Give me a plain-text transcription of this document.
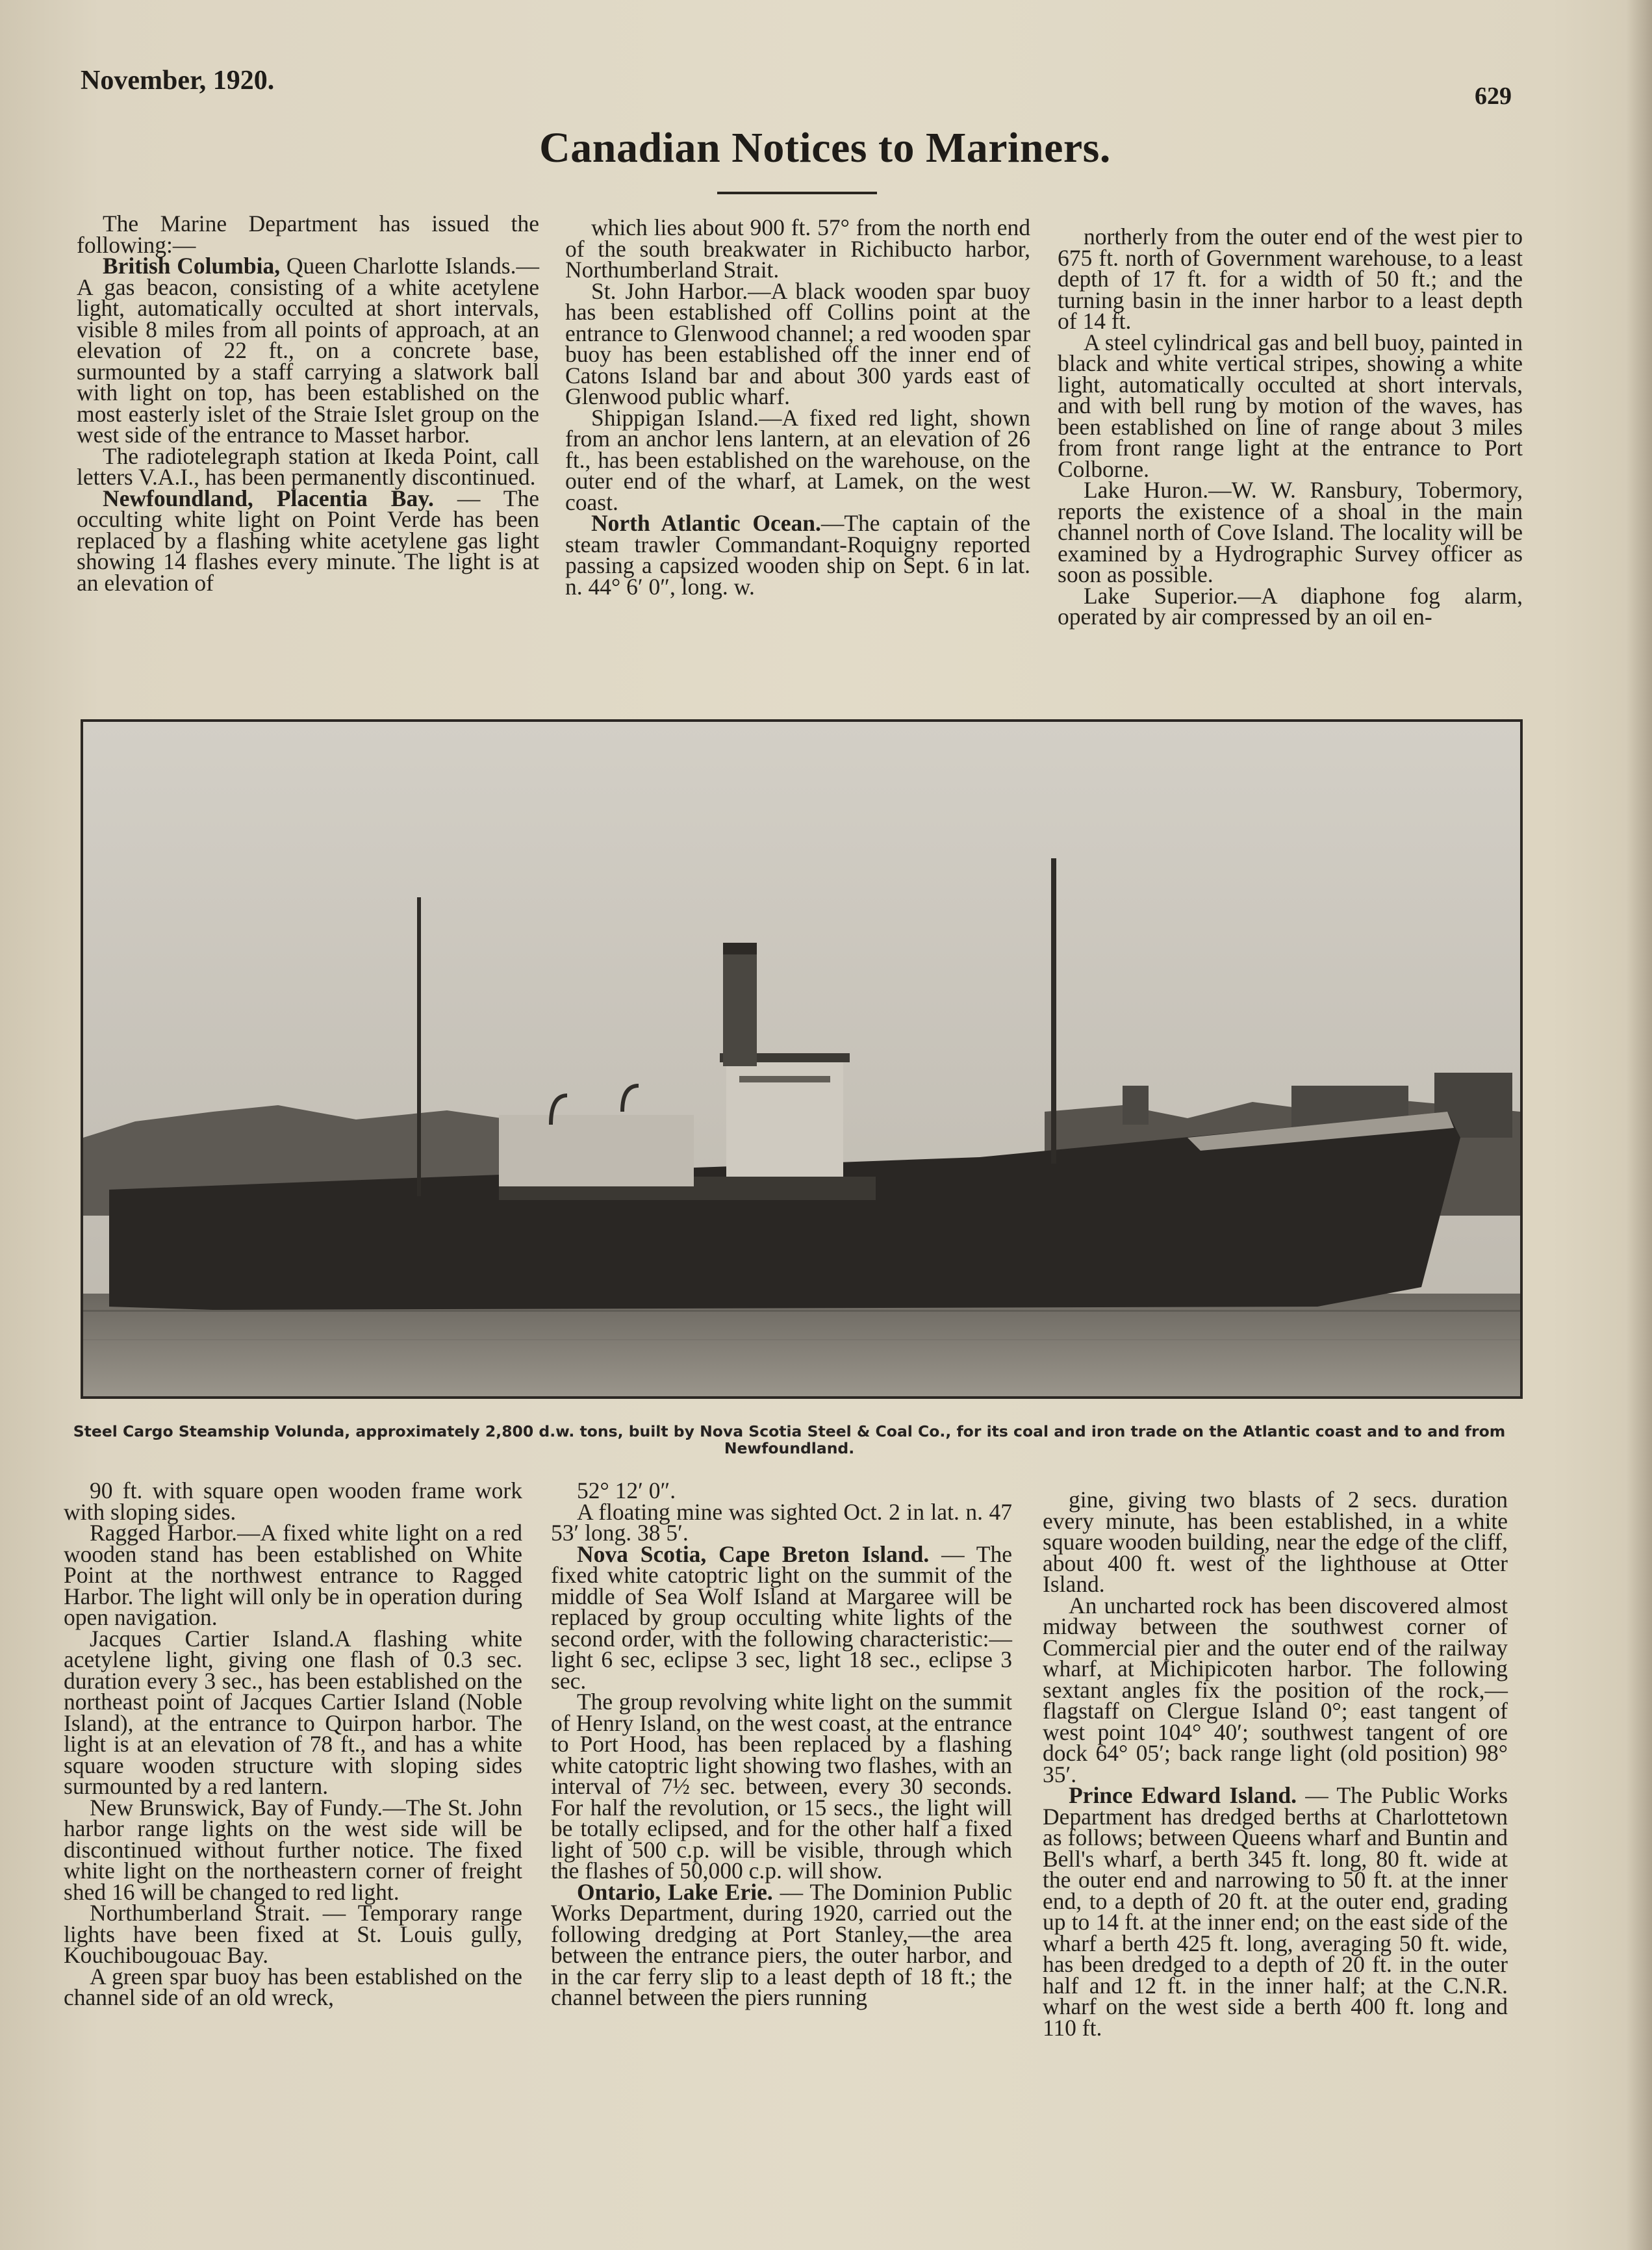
November, 1920.
629
Canadian Notices to Mariners.

The Marine Department has issued the following:—

British Columbia, Queen Charlotte Islands.—A gas beacon, consisting of a white acetylene light, automatically occulted at short intervals, visible 8 miles from all points of approach, at an elevation of 22 ft., on a concrete base, surmounted by a staff carrying a slatwork ball with light on top, has been established on the most easterly islet of the Straie Islet group on the west side of the entrance to Masset harbor.

The radiotelegraph station at Ikeda Point, call letters V.A.I., has been permanently discontinued.

Newfoundland, Placentia Bay. — The occulting white light on Point Verde has been replaced by a flashing white acetylene gas light showing 14 flashes every minute. The light is at an elevation of

which lies about 900 ft. 57° from the north end of the south breakwater in Richibucto harbor, Northumberland Strait.

St. John Harbor.—A black wooden spar buoy has been established off Collins point at the entrance to Glenwood channel; a red wooden spar buoy has been established off the inner end of Catons Island bar and about 300 yards east of Glenwood public wharf.

Shippigan Island.—A fixed red light, shown from an anchor lens lantern, at an elevation of 26 ft., has been established on the warehouse, on the outer end of the wharf, at Lamek, on the west coast.

North Atlantic Ocean.—The captain of the steam trawler Commandant-Roquigny reported passing a capsized wooden ship on Sept. 6 in lat. n. 44° 6′ 0″, long. w.

northerly from the outer end of the west pier to 675 ft. north of Government warehouse, to a least depth of 17 ft. for a width of 50 ft.; and the turning basin in the inner harbor to a least depth of 14 ft.

A steel cylindrical gas and bell buoy, painted in black and white vertical stripes, showing a white light, automatically occulted at short intervals, and with bell rung by motion of the waves, has been established on line of range about 3 miles from front range light at the entrance to Port Colborne.

Lake Huron.—W. W. Ransbury, Tobermory, reports the existence of a shoal in the main channel north of Cove Island. The locality will be examined by a Hydrographic Survey officer as soon as possible.

Lake Superior.—A diaphone fog alarm, operated by air compressed by an oil en-

Steel Cargo Steamship Volunda, approximately 2,800 d.w. tons, built by Nova Scotia Steel & Coal Co., for its coal and iron trade on the Atlantic coast and to and from Newfoundland.

90 ft. with square open wooden frame work with sloping sides.

Ragged Harbor.—A fixed white light on a red wooden stand has been established on White Point at the northwest entrance to Ragged Harbor. The light will only be in operation during open navigation.

Jacques Cartier Island.A flashing white acetylene light, giving one flash of 0.3 sec. duration every 3 sec., has been established on the northeast point of Jacques Cartier Island (Noble Island), at the entrance to Quirpon harbor. The light is at an elevation of 78 ft., and has a white square wooden structure with sloping sides surmounted by a red lantern.

New Brunswick, Bay of Fundy.—The St. John harbor range lights on the west side will be discontinued without further notice. The fixed white light on the northeastern corner of freight shed 16 will be changed to red light.

Northumberland Strait. — Temporary range lights have been fixed at St. Louis gully, Kouchibougouac Bay.

A green spar buoy has been established on the channel side of an old wreck,

52° 12′ 0″.

A floating mine was sighted Oct. 2 in lat. n. 47 53′ long. 38 5′.

Nova Scotia, Cape Breton Island. — The fixed white catoptric light on the summit of the middle of Sea Wolf Island at Margaree will be replaced by group occulting white lights of the second order, with the following characteristic:—light 6 sec, eclipse 3 sec, light 18 sec., eclipse 3 sec.

The group revolving white light on the summit of Henry Island, on the west coast, at the entrance to Port Hood, has been replaced by a flashing white catoptric light showing two flashes, with an interval of 7½ sec. between, every 30 seconds. For half the revolution, or 15 secs., the light will be totally eclipsed, and for the other half a fixed light of 500 c.p. will be visible, through which the flashes of 50,000 c.p. will show.

Ontario, Lake Erie. — The Dominion Public Works Department, during 1920, carried out the following dredging at Port Stanley,—the area between the entrance piers, the outer harbor, and in the car ferry slip to a least depth of 18 ft.; the channel between the piers running

gine, giving two blasts of 2 secs. duration every minute, has been established, in a white square wooden building, near the edge of the cliff, about 400 ft. west of the lighthouse at Otter Island.

An uncharted rock has been discovered almost midway between the southwest corner of Commercial pier and the outer end of the railway wharf, at Michipicoten harbor. The following sextant angles fix the position of the rock,—flagstaff on Clergue Island 0°; east tangent of west point 104° 40′; southwest tangent of ore dock 64° 05′; back range light (old position) 98° 35′.

Prince Edward Island. — The Public Works Department has dredged berths at Charlottetown as follows; between Queens wharf and Buntin and Bell's wharf, a berth 345 ft. long, 80 ft. wide at the outer end and narrowing to 50 ft. at the inner end, to a depth of 20 ft. at the outer end, grading up to 14 ft. at the inner end; on the east side of the wharf a berth 425 ft. long, averaging 50 ft. wide, has been dredged to a depth of 20 ft. in the outer half and 12 ft. in the inner half; at the C.N.R. wharf on the west side a berth 400 ft. long and 110 ft.
